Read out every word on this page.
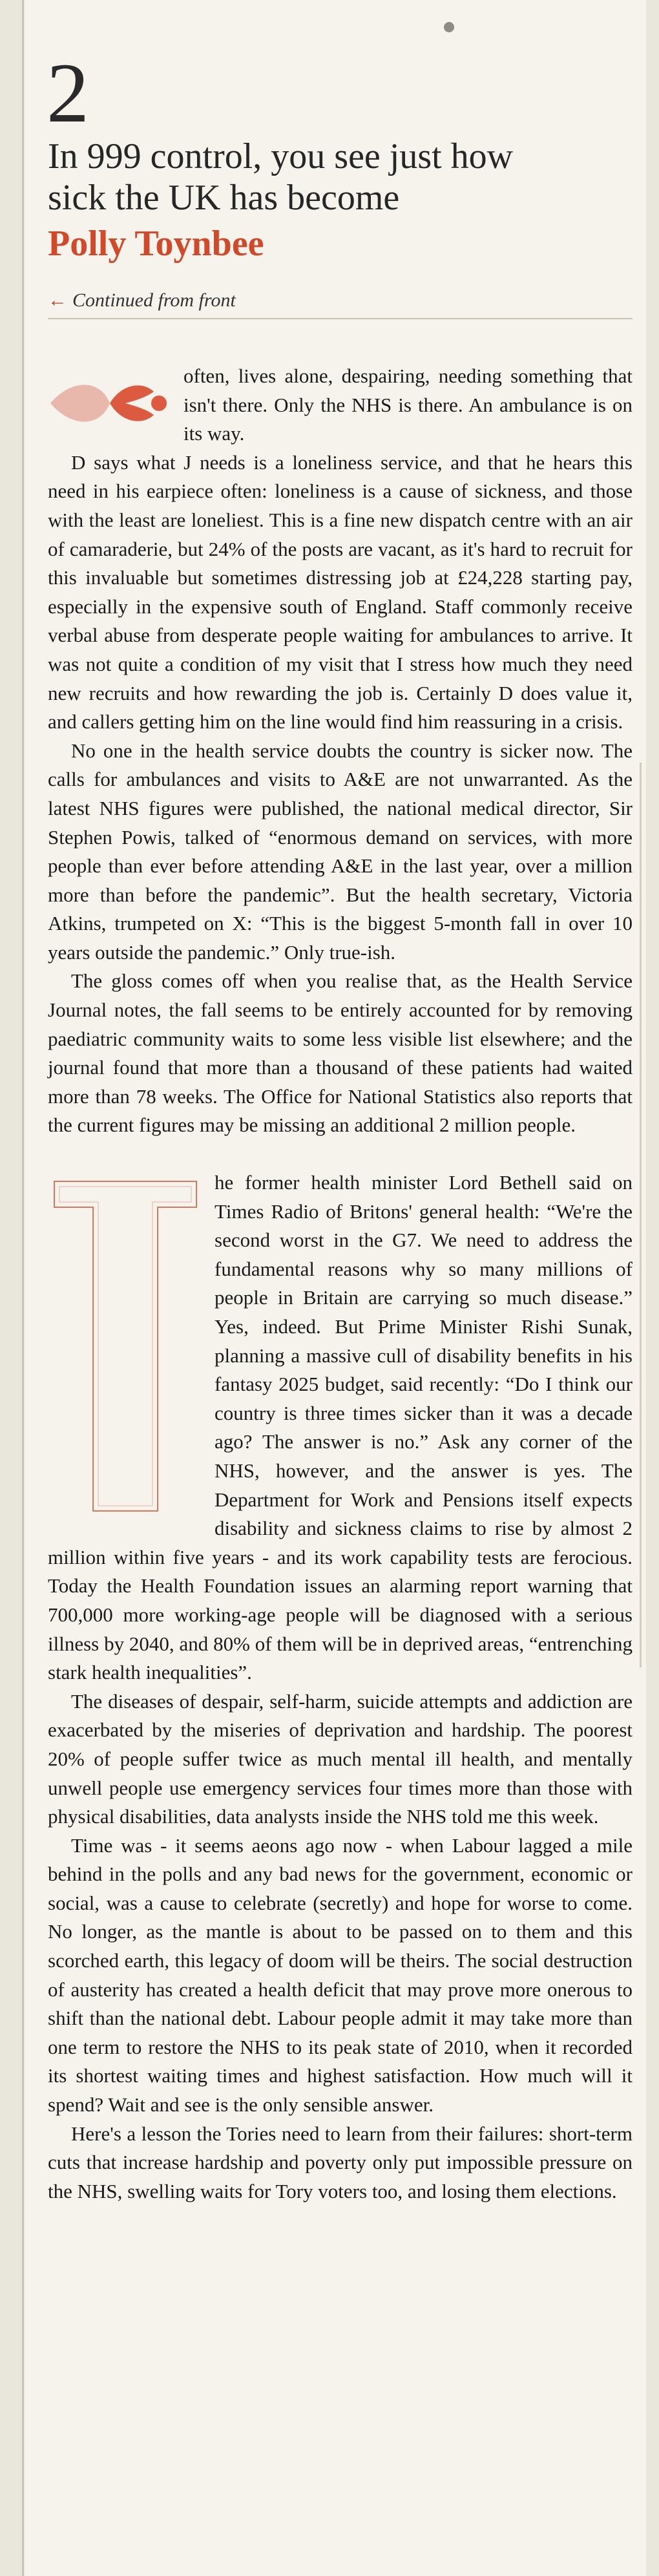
2
In 999 control, you see just how sick the UK has become
Polly Toynbee
← Continued from front

often, lives alone, despairing, needing something that isn't there. Only the NHS is there. An ambulance is on its way.

D says what J needs is a loneliness service, and that he hears this need in his earpiece often: loneliness is a cause of sickness, and those with the least are loneliest. This is a fine new dispatch centre with an air of camaraderie, but 24% of the posts are vacant, as it's hard to recruit for this invaluable but sometimes distressing job at £24,228 starting pay, especially in the expensive south of England. Staff commonly receive verbal abuse from desperate people waiting for ambulances to arrive. It was not quite a condition of my visit that I stress how much they need new recruits and how rewarding the job is. Certainly D does value it, and callers getting him on the line would find him reassuring in a crisis.

No one in the health service doubts the country is sicker now. The calls for ambulances and visits to A&E are not unwarranted. As the latest NHS figures were published, the national medical director, Sir Stephen Powis, talked of “enormous demand on services, with more people than ever before attending A&E in the last year, over a million more than before the pandemic”. But the health secretary, Victoria Atkins, trumpeted on X: “This is the biggest 5-month fall in over 10 years outside the pandemic.” Only true-ish.

The gloss comes off when you realise that, as the Health Service Journal notes, the fall seems to be entirely accounted for by removing paediatric community waits to some less visible list elsewhere; and the journal found that more than a thousand of these patients had waited more than 78 weeks. The Office for National Statistics also reports that the current figures may be missing an additional 2 million people.

he former health minister Lord Bethell said on Times Radio of Britons' general health: “We're the second worst in the G7. We need to address the fundamental reasons why so many millions of people in Britain are carrying so much disease.” Yes, indeed. But Prime Minister Rishi Sunak, planning a massive cull of disability benefits in his fantasy 2025 budget, said recently: “Do I think our country is three times sicker than it was a decade ago? The answer is no.” Ask any corner of the NHS, however, and the answer is yes. The Department for Work and Pensions itself expects disability and sickness claims to rise by almost 2 million within five years - and its work capability tests are ferocious. Today the Health Foundation issues an alarming report warning that 700,000 more working-age people will be diagnosed with a serious illness by 2040, and 80% of them will be in deprived areas, “entrenching stark health inequalities”.

The diseases of despair, self-harm, suicide attempts and addiction are exacerbated by the miseries of deprivation and hardship. The poorest 20% of people suffer twice as much mental ill health, and mentally unwell people use emergency services four times more than those with physical disabilities, data analysts inside the NHS told me this week.

Time was - it seems aeons ago now - when Labour lagged a mile behind in the polls and any bad news for the government, economic or social, was a cause to celebrate (secretly) and hope for worse to come. No longer, as the mantle is about to be passed on to them and this scorched earth, this legacy of doom will be theirs. The social destruction of austerity has created a health deficit that may prove more onerous to shift than the national debt. Labour people admit it may take more than one term to restore the NHS to its peak state of 2010, when it recorded its shortest waiting times and highest satisfaction. How much will it spend? Wait and see is the only sensible answer.

Here's a lesson the Tories need to learn from their failures: short-term cuts that increase hardship and poverty only put impossible pressure on the NHS, swelling waits for Tory voters too, and losing them elections.
